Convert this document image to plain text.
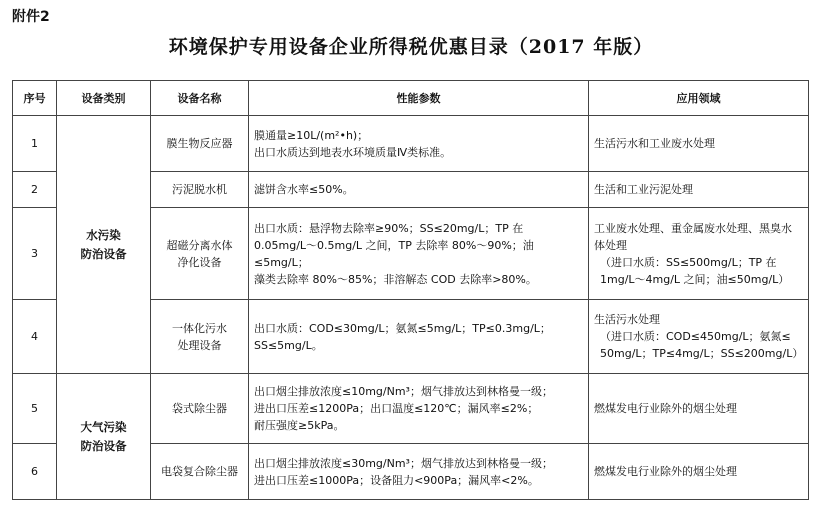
附件2
环境保护专用设备企业所得税优惠目录（2017 年版）
序号	设备类别	设备名称	性能参数	应用领域
1	水污染
防治设备	膜生物反应器	膜通量≥10L/(m²•h)；
出口水质达到地表水环境质量Ⅳ类标准。	生活污水和工业废水处理

2		污泥脱水机	滤饼含水率≤50%。	生活和工业污泥处理

3		超磁分离水体
净化设备	出口水质：悬浮物去除率≥90%；SS≤20mg/L；TP 在
0.05mg/L～0.5mg/L 之间，TP 去除率 80%～90%；油≤5mg/L；
藻类去除率 80%～85%；非溶解态 COD 去除率>80%。	工业废水处理、重金属废水处理、黑臭水
体处理
（进口水质：SS≤500mg/L；TP 在
1mg/L～4mg/L 之间；油≤50mg/L）

4		一体化污水
处理设备	出口水质：COD≤30mg/L；氨氮≤5mg/L；TP≤0.3mg/L；
SS≤5mg/L。	生活污水处理
（进口水质：COD≤450mg/L；氨氮≤
50mg/L；TP≤4mg/L；SS≤200mg/L）

5	大气污染
防治设备	袋式除尘器	出口烟尘排放浓度≤10mg/Nm³；烟气排放达到林格曼一级；
进出口压差≤1200Pa；出口温度≤120℃；漏风率≤2%；
耐压强度≥5kPa。	燃煤发电行业除外的烟尘处理

6		电袋复合除尘器	出口烟尘排放浓度≤30mg/Nm³；烟气排放达到林格曼一级；
进出口压差≤1000Pa；设备阻力<900Pa；漏风率<2%。	燃煤发电行业除外的烟尘处理
